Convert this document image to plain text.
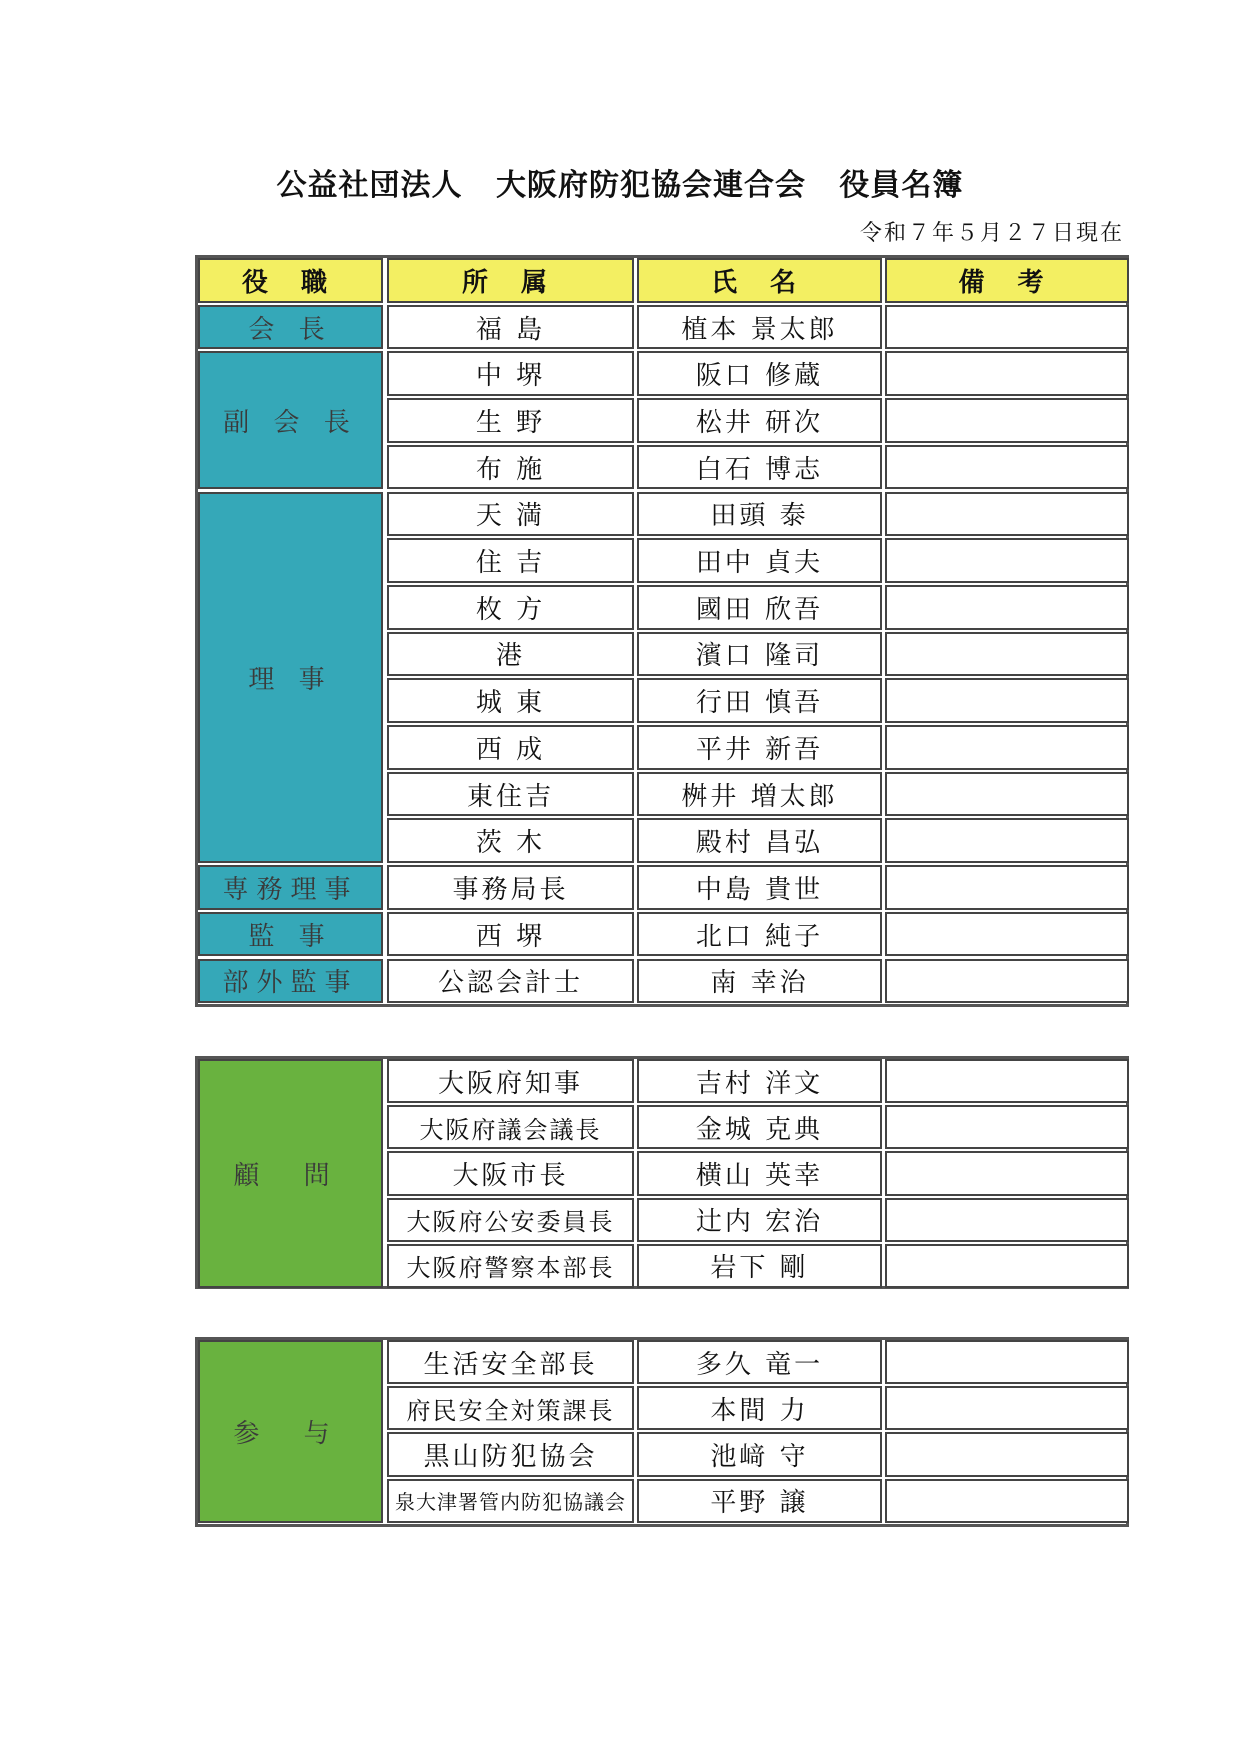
公益社団法人 大阪府防犯協会連合会 役員名簿
令和７年５月２７日現在
役 職	所 属	氏 名	備 考
会 長	福 島	植本 景太郎
副 会 長
中 堺	阪口 修蔵
生 野	松井 研次
布 施	白石 博志
理 事
天 満	田頭 泰
住 吉	田中 貞夫
枚 方	國田 欣吾
港	濱口 隆司
城 東	行田 慎吾
西 成	平井 新吾
東住吉	桝井 増太郎
茨 木	殿村 昌弘
専務理事	事務局長	中島 貴世
監 事	西 堺	北口 純子
部外監事	公認会計士	南 幸治
顧 問
大阪府知事	吉村 洋文
大阪府議会議長	金城 克典
大阪市長	横山 英幸
大阪府公安委員長	辻内 宏治
大阪府警察本部長	岩下 剛
参 与
生活安全部長	多久 竜一
府民安全対策課長	本間 力
黒山防犯協会	池﨑 守
泉大津署管内防犯協議会	平野 譲
